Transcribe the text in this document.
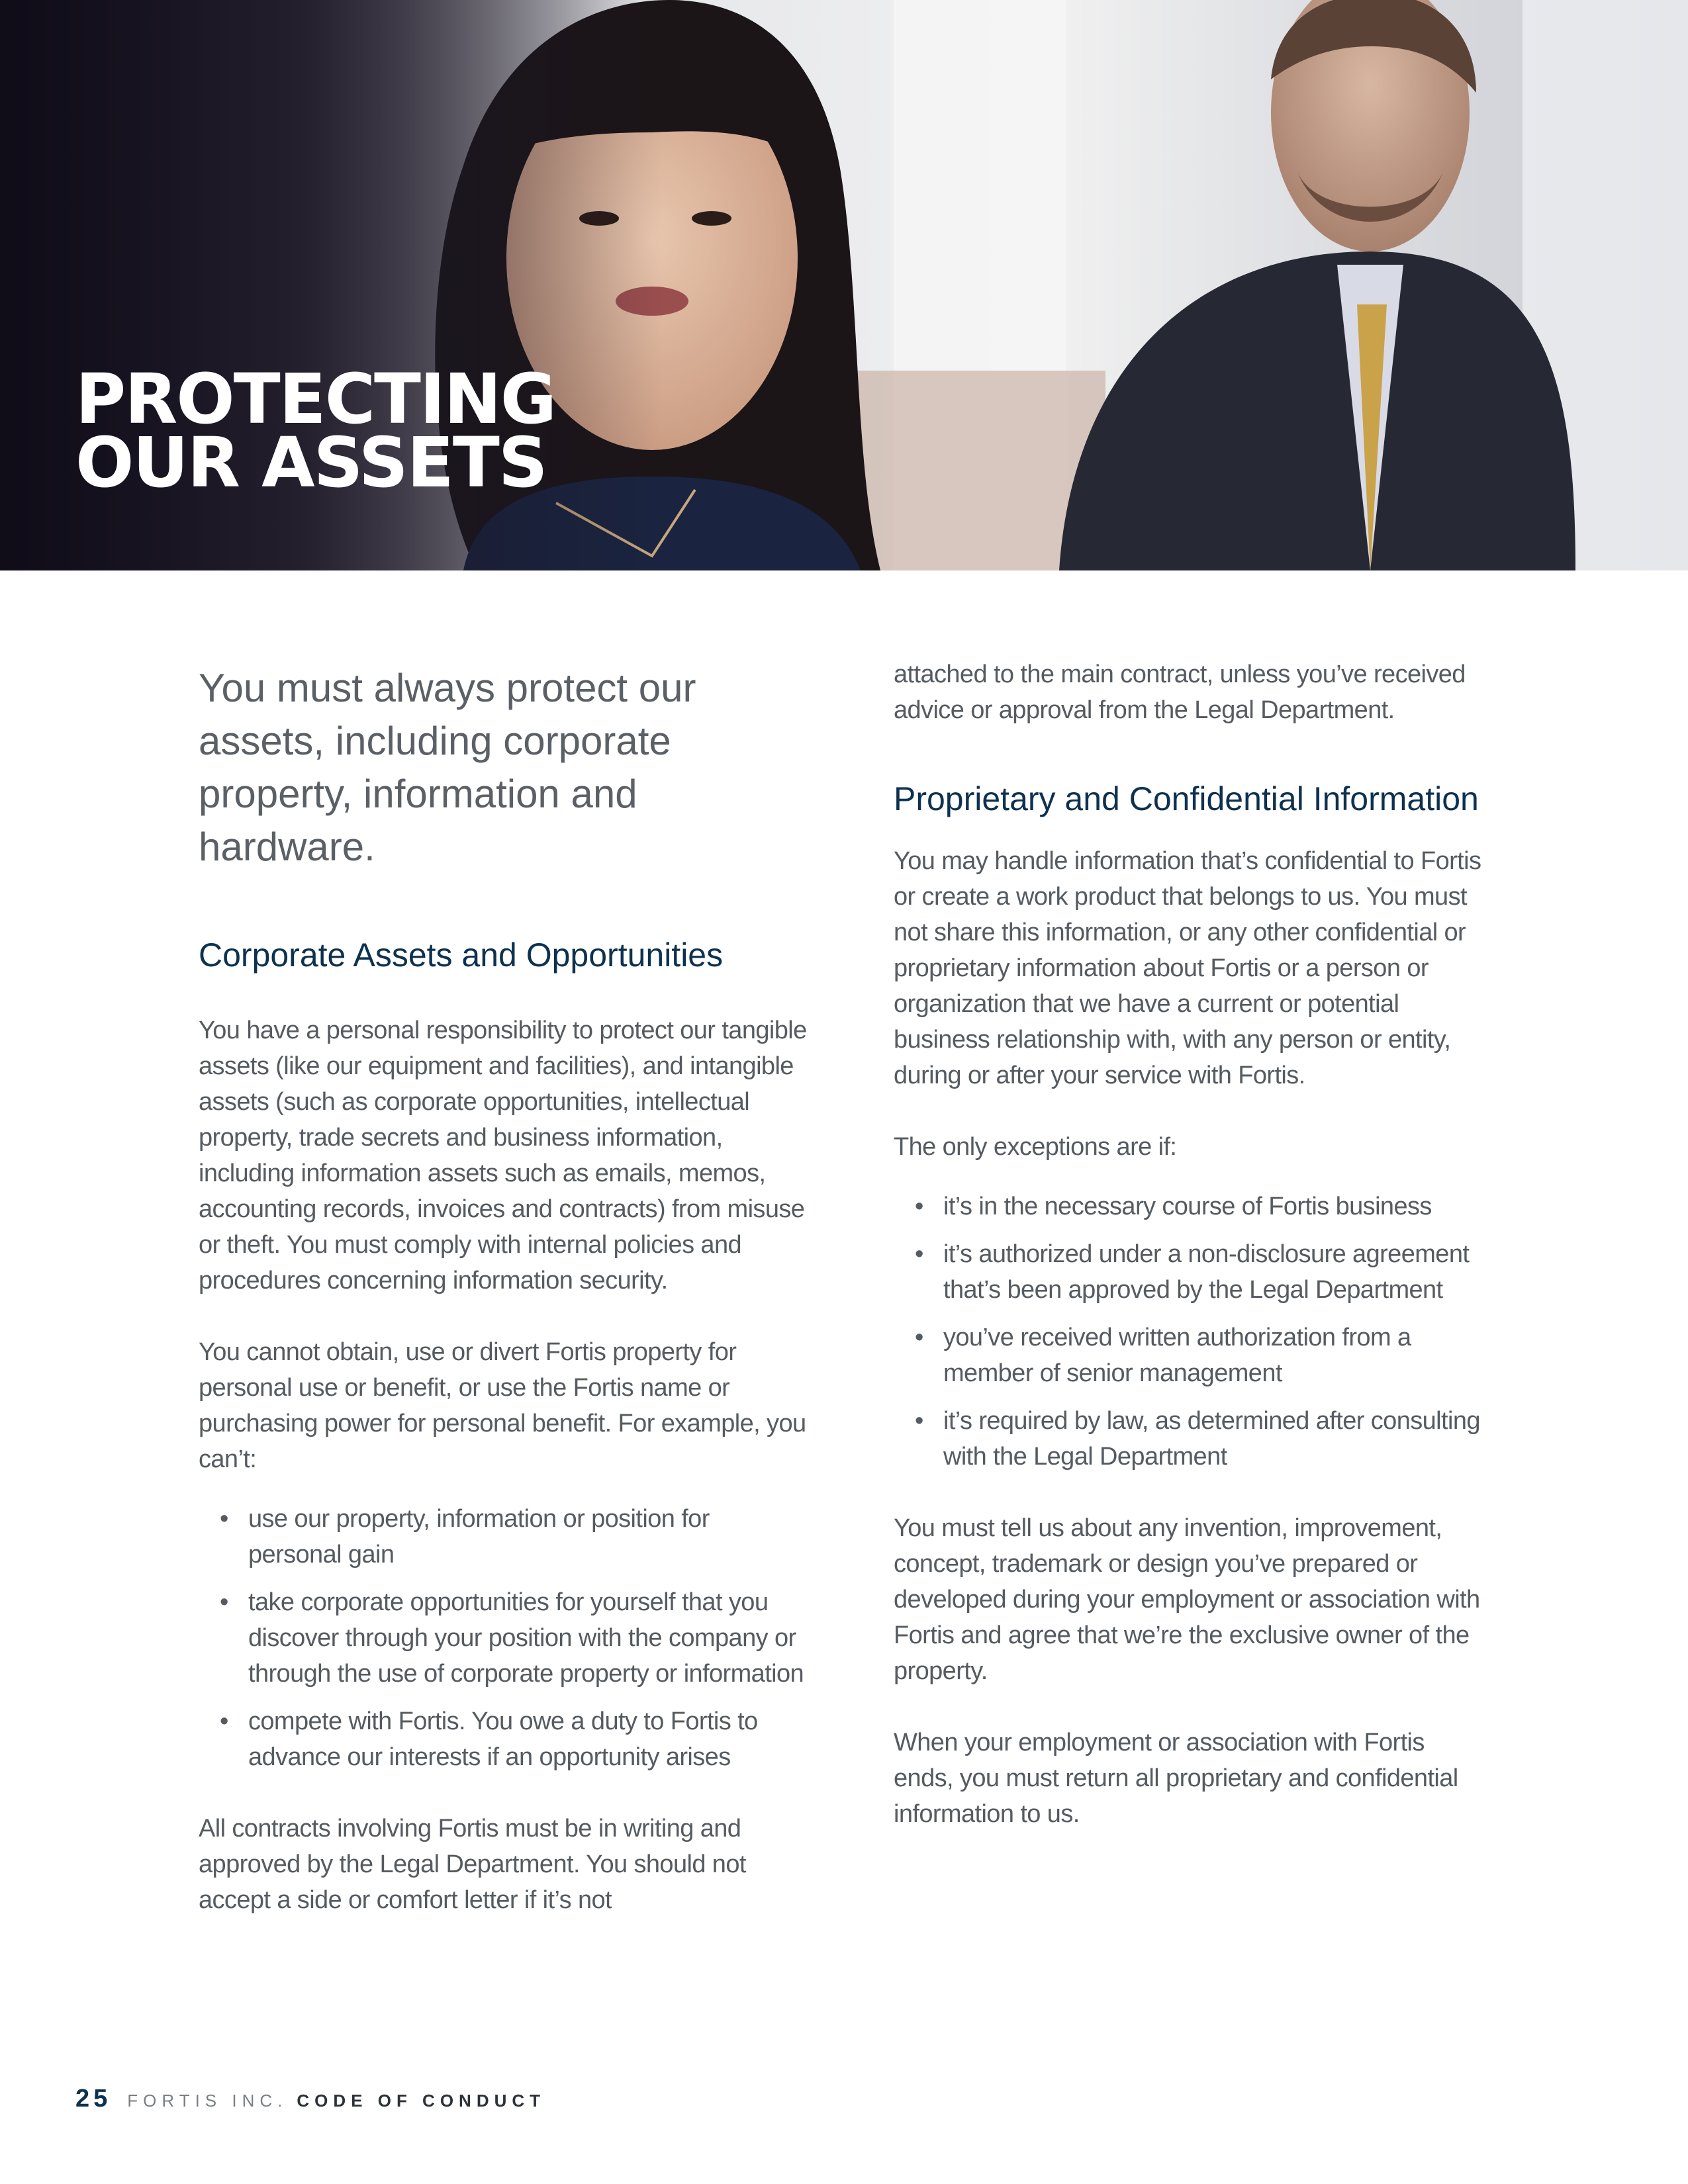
PROTECTING
OUR ASSETS

You must always protect our assets, including corporate property, information and hardware.

Corporate Assets and Opportunities

You have a personal responsibility to protect our tangible assets (like our equipment and facilities), and intangible assets (such as corporate opportunities, intellectual property, trade secrets and business information, including information assets such as emails, memos, accounting records, invoices and contracts) from misuse or theft. You must comply with internal policies and procedures concerning information security.

You cannot obtain, use or divert Fortis property for personal use or benefit, or use the Fortis name or purchasing power for personal benefit. For example, you can’t:

• use our property, information or position for personal gain
• take corporate opportunities for yourself that you discover through your position with the company or through the use of corporate property or information
• compete with Fortis. You owe a duty to Fortis to advance our interests if an opportunity arises

All contracts involving Fortis must be in writing and approved by the Legal Department. You should not accept a side or comfort letter if it’s not

attached to the main contract, unless you’ve received advice or approval from the Legal Department.

Proprietary and Confidential Information

You may handle information that’s confidential to Fortis or create a work product that belongs to us. You must not share this information, or any other confidential or proprietary information about Fortis or a person or organization that we have a current or potential business relationship with, with any person or entity, during or after your service with Fortis.

The only exceptions are if:

• it’s in the necessary course of Fortis business
• it’s authorized under a non-disclosure agreement that’s been approved by the Legal Department
• you’ve received written authorization from a member of senior management
• it’s required by law, as determined after consulting with the Legal Department

You must tell us about any invention, improvement, concept, trademark or design you’ve prepared or developed during your employment or association with Fortis and agree that we’re the exclusive owner of the property.

When your employment or association with Fortis ends, you must return all proprietary and confidential information to us.

25 FORTIS INC. CODE OF CONDUCT
